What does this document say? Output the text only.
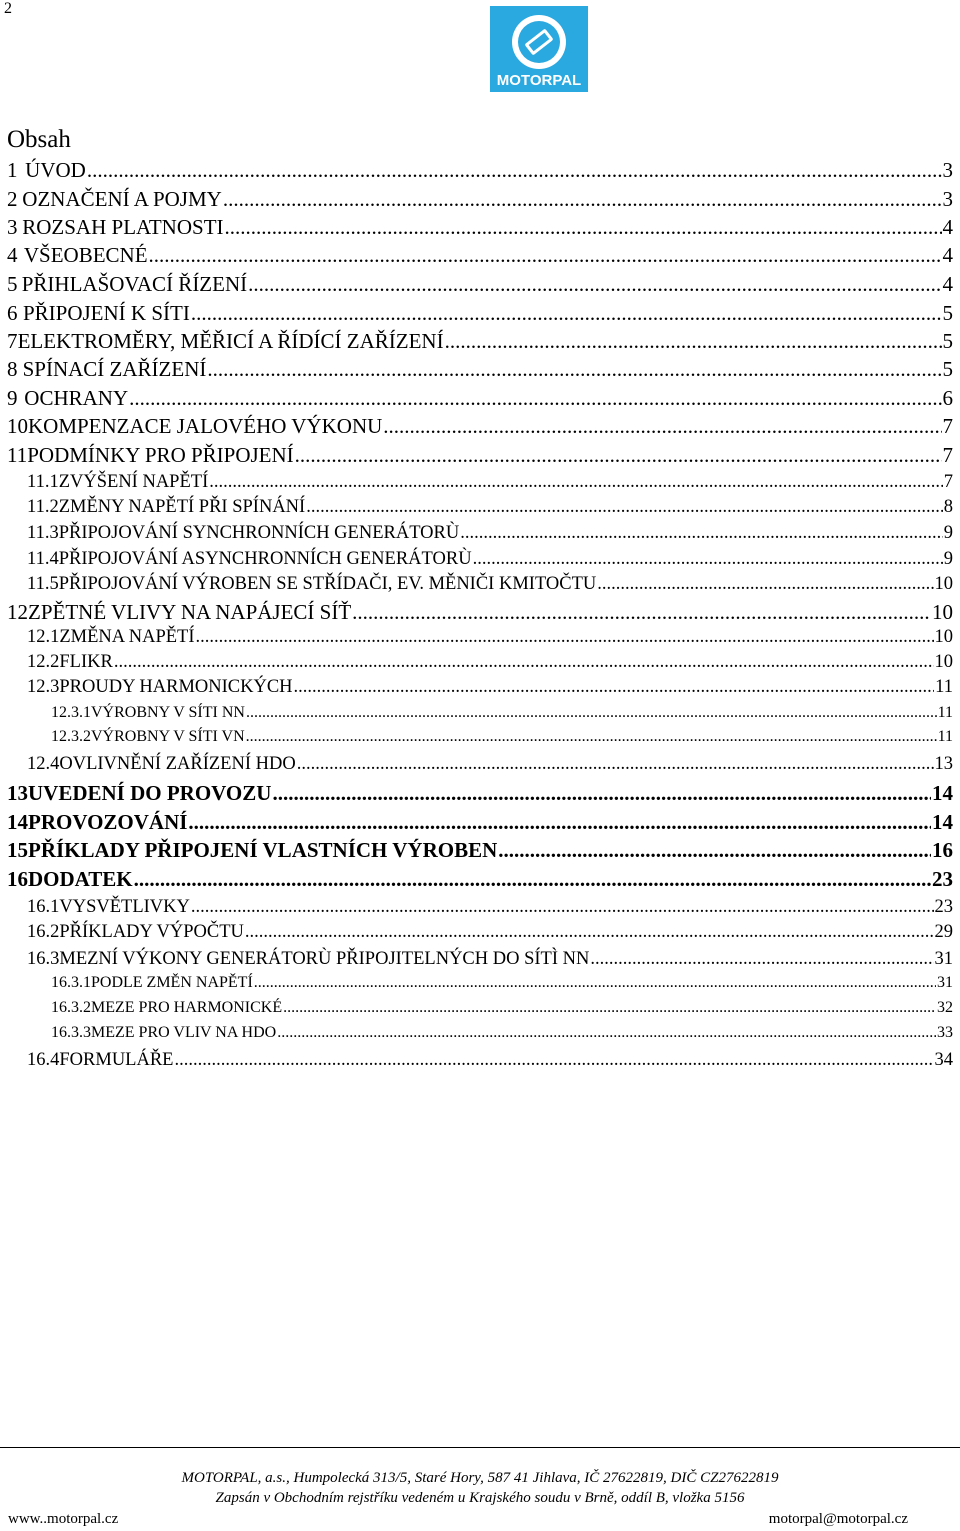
2
MOTORPAL
Obsah
1 ÚVOD .....	3
2 OZNAČENÍ A POJMY .....	3
3 ROZSAH PLATNOSTI .....	4
4 VŠEOBECNÉ .....	4
5 PŘIHLAŠOVACÍ ŘÍZENÍ .....	4
6 PŘIPOJENÍ K SÍTI .....	5
7 ELEKTROMĚRY, MĚŘICÍ A ŘÍDÍCÍ ZAŘÍZENÍ .....	5
8 SPÍNACÍ ZAŘÍZENÍ .....	5
9 OCHRANY .....	6
10 KOMPENZACE JALOVÉHO VÝKONU .....	7
11 PODMÍNKY PRO PŘIPOJENÍ .....	7
11.1 ZVÝŠENÍ NAPĚTÍ .....	7
11.2 ZMĚNY NAPĚTÍ PŘI SPÍNÁNÍ .....	8
11.3 PŘIPOJOVÁNÍ SYNCHRONNÍCH GENERÁTORÙ .....	9
11.4 PŘIPOJOVÁNÍ ASYNCHRONNÍCH GENERÁTORÙ .....	9
11.5 PŘIPOJOVÁNÍ VÝROBEN SE STŘÍDAČI, EV. MĚNIČI KMITOČTU .....	10
12 ZPĚTNÉ VLIVY NA NAPÁJECÍ SÍŤ .....	10
12.1 ZMĚNA NAPĚTÍ .....	10
12.2 FLIKR .....	10
12.3 PROUDY HARMONICKÝCH .....	11
12.3.1 VÝROBNY V SÍTI NN .....	11
12.3.2 VÝROBNY V SÍTI VN .....	11
12.4 OVLIVNĚNÍ ZAŘÍZENÍ HDO .....	13
13 UVEDENÍ DO PROVOZU .....	14
14 PROVOZOVÁNÍ .....	14
15 PŘÍKLADY PŘIPOJENÍ VLASTNÍCH VÝROBEN .....	16
16 DODATEK .....	23
16.1 VYSVĚTLIVKY .....	23
16.2 PŘÍKLADY VÝPOČTU .....	29
16.3 MEZNÍ VÝKONY GENERÁTORÙ PŘIPOJITELNÝCH DO SÍTÌ NN .....	31
16.3.1 PODLE ZMĚN NAPĚTÍ .....	31
16.3.2 MEZE PRO HARMONICKÉ .....	32
16.3.3 MEZE PRO VLIV NA HDO .....	33
16.4 FORMULÁŘE .....	34
MOTORPAL, a.s., Humpolecká 313/5, Staré Hory, 587 41 Jihlava, IČ 27622819, DIČ CZ27622819
Zapsán v Obchodním rejstříku vedeném u Krajského soudu v Brně, oddíl B, vložka 5156
www..motorpal.cz	motorpal@motorpal.cz
